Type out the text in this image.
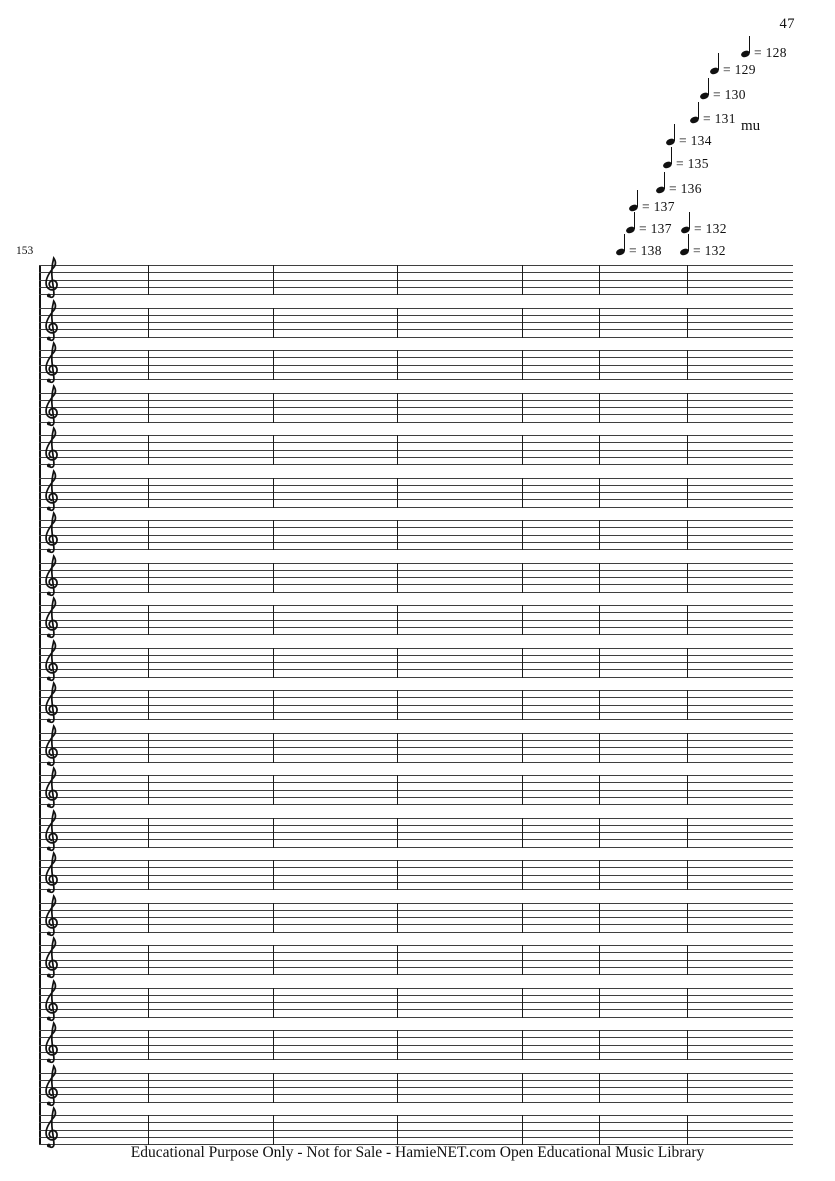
47
= 128
= 129
= 130
= 131
= 134
= 135
= 136
= 137
= 137 = 132
= 138 = 132
mu
153
Educational Purpose Only - Not for Sale - HamieNET.com Open Educational Music Library
